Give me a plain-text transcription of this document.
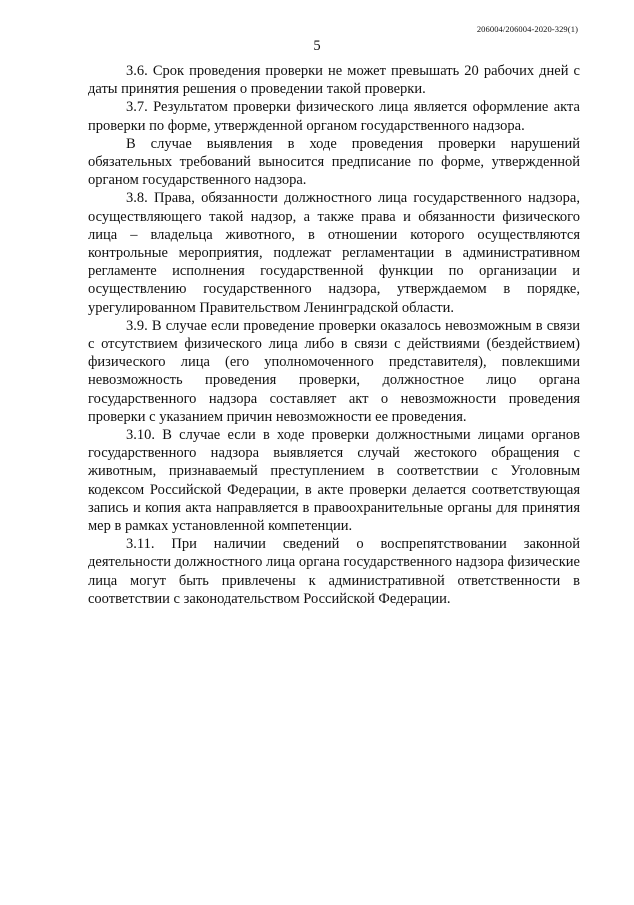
206004/206004-2020-329(1)
5

3.6. Срок проведения проверки не может превышать 20 рабочих дней с даты принятия решения о проведении такой проверки.

3.7. Результатом проверки физического лица является оформление акта проверки по форме, утвержденной органом государственного надзора.

В случае выявления в ходе проведения проверки нарушений обязательных требований выносится предписание по форме, утвержденной органом государственного надзора.

3.8. Права, обязанности должностного лица государственного надзора, осуществляющего такой надзор, а также права и обязанности физического лица – владельца животного, в отношении которого осуществляются контрольные мероприятия, подлежат регламентации в административном регламенте исполнения государственной функции по организации и осуществлению государственного надзора, утверждаемом в порядке, урегулированном Правительством Ленинградской области.

3.9. В случае если проведение проверки оказалось невозможным в связи с отсутствием физического лица либо в связи с действиями (бездействием) физического лица (его уполномоченного представителя), повлекшими невозможность проведения проверки, должностное лицо органа государственного надзора составляет акт о невозможности проведения проверки с указанием причин невозможности ее проведения.

3.10. В случае если в ходе проверки должностными лицами органов государственного надзора выявляется случай жестокого обращения с животным, признаваемый преступлением в соответствии с Уголовным кодексом Российской Федерации, в акте проверки делается соответствующая запись и копия акта направляется в правоохранительные органы для принятия мер в рамках установленной компетенции.

3.11. При наличии сведений о воспрепятствовании законной деятельности должностного лица органа государственного надзора физические лица могут быть привлечены к административной ответственности в соответствии с законодательством Российской Федерации.
